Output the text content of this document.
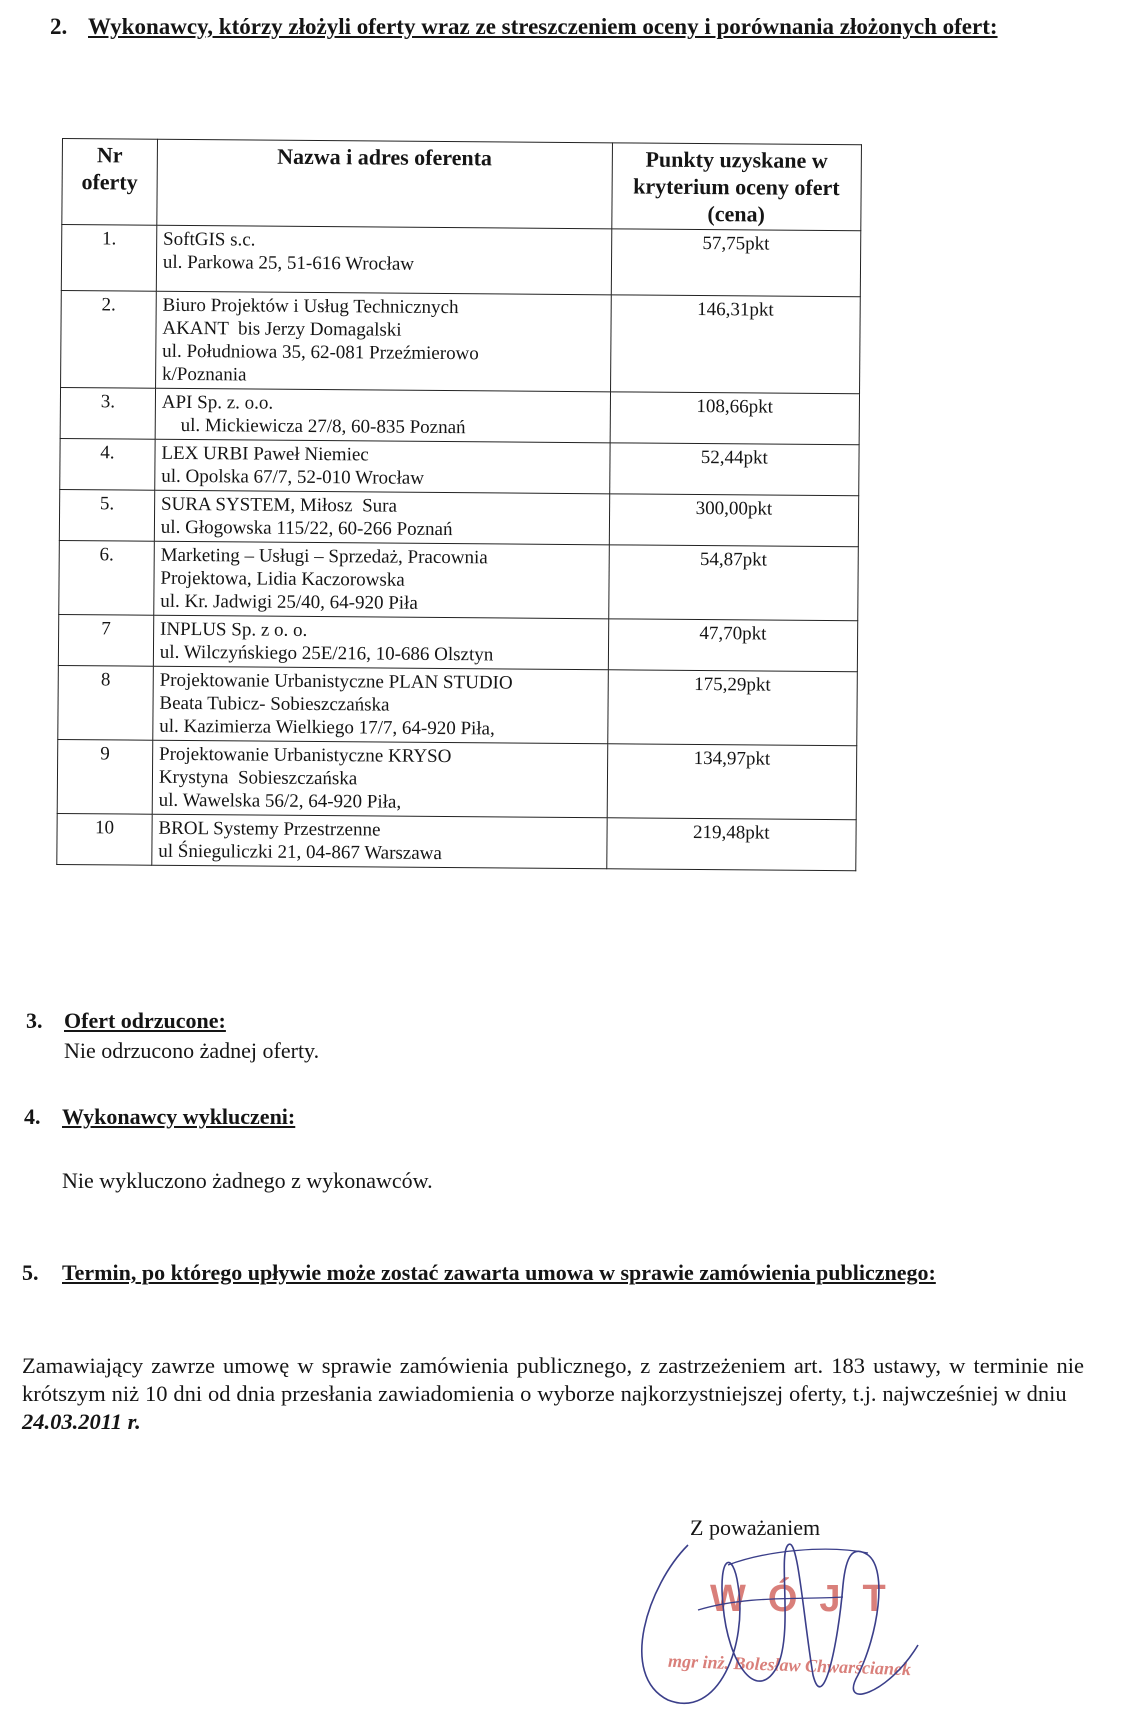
2. Wykonawcy, którzy złożyli oferty wraz ze streszczeniem oceny i porównania złożonych ofert:
Nr oferty	Nazwa i adres oferenta	Punkty uzyskane w kryterium oceny ofert (cena)
1.	SoftGIS s.c.
ul. Parkowa 25, 51-616 Wrocław	57,75pkt
2.	Biuro Projektów i Usług Technicznych
AKANT  bis Jerzy Domagalski
ul. Południowa 35, 62-081 Przeźmierowo
k/Poznania	146,31pkt
3.	API Sp. z. o.o.
ul. Mickiewicza 27/8, 60-835 Poznań	108,66pkt
4.	LEX URBI Paweł Niemiec
ul. Opolska 67/7, 52-010 Wrocław	52,44pkt
5.	SURA SYSTEM, Miłosz  Sura
ul. Głogowska 115/22, 60-266 Poznań	300,00pkt
6.	Marketing – Usługi – Sprzedaż, Pracownia
Projektowa, Lidia Kaczorowska
ul. Kr. Jadwigi 25/40, 64-920 Piła	54,87pkt
7	INPLUS Sp. z o. o.
ul. Wilczyńskiego 25E/216, 10-686 Olsztyn	47,70pkt
8	Projektowanie Urbanistyczne PLAN STUDIO
Beata Tubicz- Sobieszczańska
ul. Kazimierza Wielkiego 17/7, 64-920 Piła,	175,29pkt
9	Projektowanie Urbanistyczne KRYSO
Krystyna  Sobieszczańska
ul. Wawelska 56/2, 64-920 Piła,	134,97pkt
10	BROL Systemy Przestrzenne
ul Śnieguliczki 21, 04-867 Warszawa	219,48pkt
3. Ofert odrzucone:
Nie odrzucono żadnej oferty.
4. Wykonawcy wykluczeni:
Nie wykluczono żadnego z wykonawców.
5. Termin, po którego upływie może zostać zawarta umowa w sprawie zamówienia publicznego:
Zamawiający zawrze umowę w sprawie zamówienia publicznego, z zastrzeżeniem art. 183 ustawy, w terminie nie krótszym niż 10 dni od dnia przesłania zawiadomienia o wyborze najkorzystniejszej oferty, t.j. najwcześniej w dniu    24.03.2011 r.
Z poważaniem
WÓJT
mgr inż. Bolesław Chwarścianek
